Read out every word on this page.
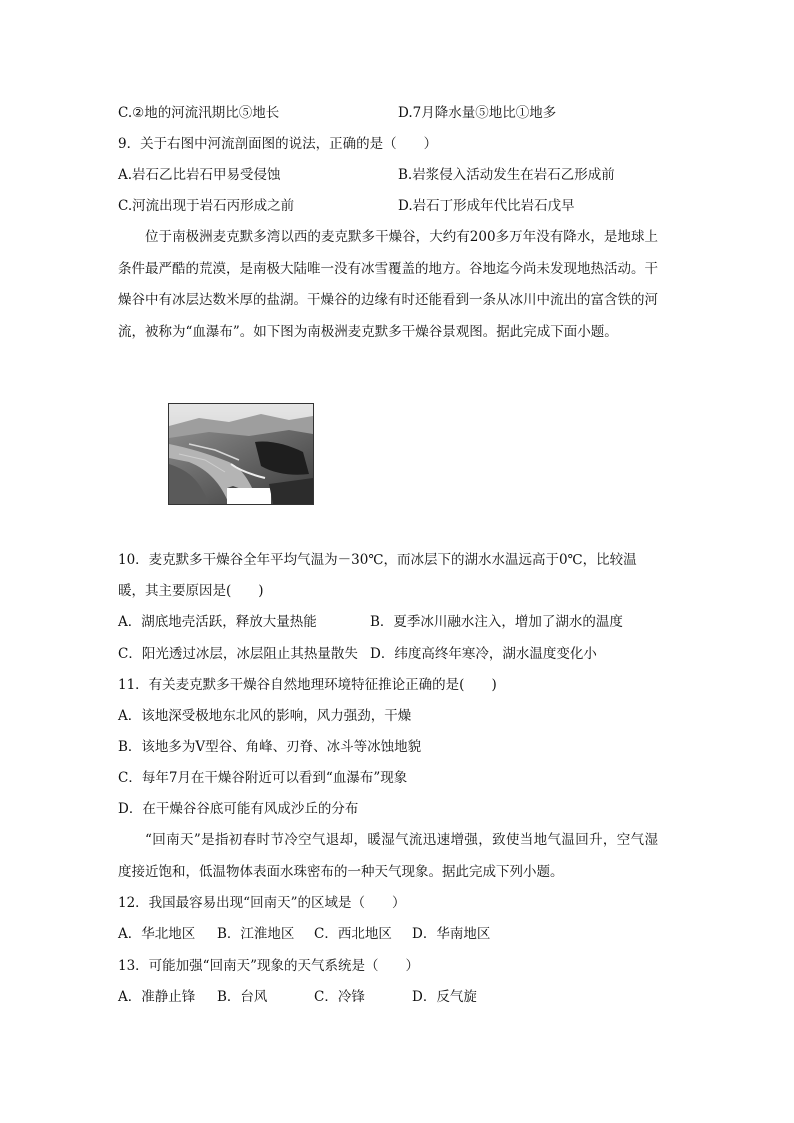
C.②地的河流汛期比⑤地长	D.7月降水量⑤地比①地多
9．关于右图中河流剖面图的说法，正确的是（　　）
A.岩石乙比岩石甲易受侵蚀	B.岩浆侵入活动发生在岩石乙形成前
C.河流出现于岩石丙形成之前	D.岩石丁形成年代比岩石戊早
位于南极洲麦克默多湾以西的麦克默多干燥谷，大约有200多万年没有降水，是地球上条件最严酷的荒漠，是南极大陆唯一没有冰雪覆盖的地方。谷地迄今尚未发现地热活动。干燥谷中有冰层达数米厚的盐湖。干燥谷的边缘有时还能看到一条从冰川中流出的富含铁的河流，被称为“血瀑布”。如下图为南极洲麦克默多干燥谷景观图。据此完成下面小题。
10．麦克默多干燥谷全年平均气温为－30℃，而冰层下的湖水水温远高于0℃，比较温
暖，其主要原因是(　　)
A．湖底地壳活跃，释放大量热能	B．夏季冰川融水注入，增加了湖水的温度
C．阳光透过冰层，冰层阻止其热量散失 D．纬度高终年寒冷，湖水温度变化小
11．有关麦克默多干燥谷自然地理环境特征推论正确的是(　　)
A．该地深受极地东北风的影响，风力强劲，干燥
B．该地多为V型谷、角峰、刃脊、冰斗等冰蚀地貌
C．每年7月在干燥谷附近可以看到“血瀑布”现象
D．在干燥谷谷底可能有风成沙丘的分布
“回南天”是指初春时节冷空气退却，暖湿气流迅速增强，致使当地气温回升，空气湿度接近饱和，低温物体表面水珠密布的一种天气现象。据此完成下列小题。
12．我国最容易出现“回南天”的区域是（　　）
A．华北地区 B．江淮地区 C．西北地区 D．华南地区
13．可能加强“回南天”现象的天气系统是（　　）
A．准静止锋 B．台风	C．冷锋	D．反气旋
